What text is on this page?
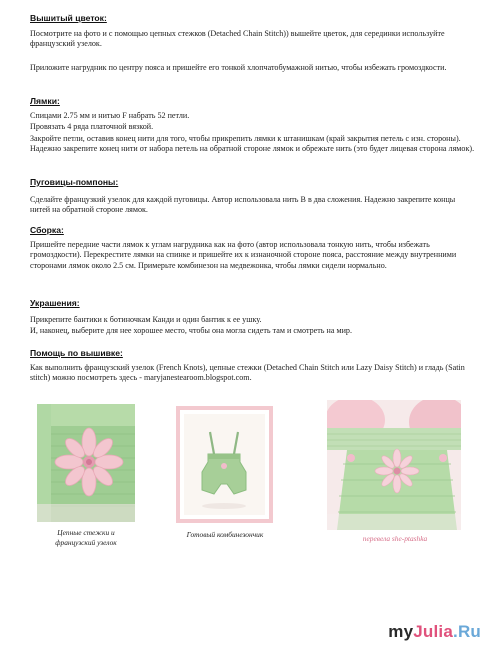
Вышитый цветок:
Посмотрите на фото и с помощью цепных стежков (Detached Chain Stitch)) вышейте цветок, для серединки используйте французский узелок.
Приложите нагрудник по центру пояса и пришейте его тонкой хлопчатобумажной нитью, чтобы избежать громоздкости.
Лямки:
Спицами 2.75 мм и нитью F набрать 52 петли.
Провязать 4 ряда платочной вязкой.
Закройте петли, оставив конец нити для того, чтобы прикрепить лямки к штанишкам (край закрытия петель с изн. стороны). Надежно закрепите конец нити от набора петель на обратной стороне лямок и обрежьте нить (это будет лицевая сторона лямок).
Пуговицы-помпоны:
Сделайте французкий узелок для каждой пуговицы. Автор использовала нить В в два сложения. Надежно закрепите концы нитей на обратной стороне лямок.
Сборка:
Пришейте передние части лямок к углам нагрудника как на фото (автор использовала тонкую нить, чтобы избежать громоздкости). Перекрестите лямки на спинке и пришейте их к изнаночной стороне пояса, расстояние между внутренними сторонами лямок около 2.5 см. Примерьте комбинезон на медвежонка, чтобы лямки сидели нормально.
Украшения:
Прикрепите бантики к ботиночкам Канди и один бантик к ее ушку.
И, наконец, выберите для нее хорошее место, чтобы она могла сидеть там и смотреть на мир.
Помощь по вышивке:
Как выполнить французский узелок (French Knots), цепные стежки (Detached Chain Stitch или Lazy Daisy Stitch) и гладь (Satin stitch) можно посмотреть здесь - maryjanestearoom.blogspot.com.
Цепные стежки и
французский узелок
Готовый комбинезончик	перевела she-ptashka
myJulia.Ru
